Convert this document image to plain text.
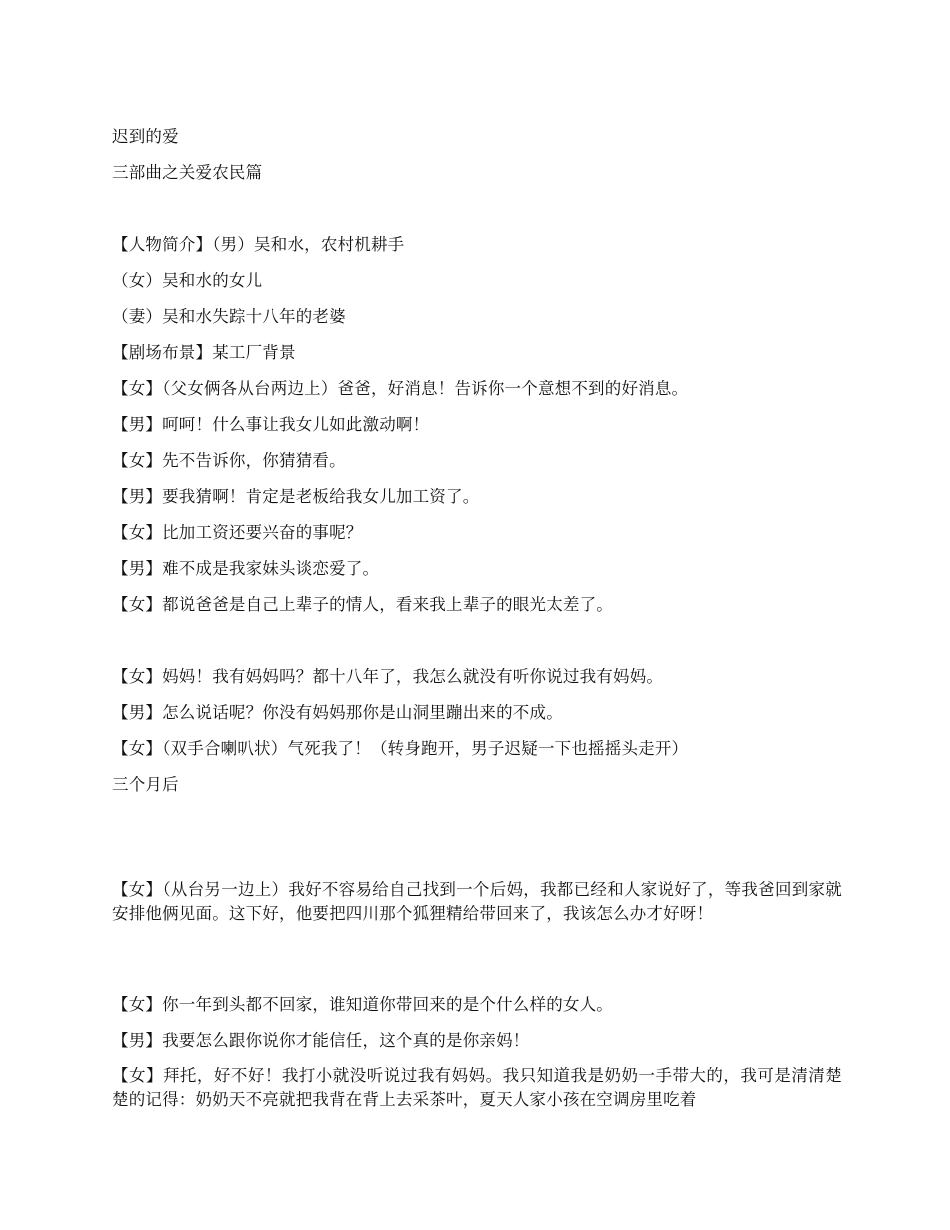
迟到的爱
三部曲之关爱农民篇
【人物简介】（男）吴和水，农村机耕手
（女）吴和水的女儿
（妻）吴和水失踪十八年的老婆
【剧场布景】某工厂背景
【女】（父女俩各从台两边上）爸爸，好消息！告诉你一个意想不到的好消息。
【男】呵呵！什么事让我女儿如此激动啊！
【女】先不告诉你，你猜猜看。
【男】要我猜啊！肯定是老板给我女儿加工资了。
【女】比加工资还要兴奋的事呢？
【男】难不成是我家妹头谈恋爱了。
【女】都说爸爸是自己上辈子的情人，看来我上辈子的眼光太差了。
【女】妈妈！我有妈妈吗？都十八年了，我怎么就没有听你说过我有妈妈。
【男】怎么说话呢？你没有妈妈那你是山洞里蹦出来的不成。
【女】（双手合喇叭状）气死我了！（转身跑开，男子迟疑一下也摇摇头走开）
三个月后
【女】（从台另一边上）我好不容易给自己找到一个后妈，我都已经和人家说好了，等我爸回到家就安排他俩见面。这下好，他要把四川那个狐狸精给带回来了，我该怎么办才好呀！
【女】你一年到头都不回家，谁知道你带回来的是个什么样的女人。
【男】我要怎么跟你说你才能信任，这个真的是你亲妈！
【女】拜托，好不好！我打小就没听说过我有妈妈。我只知道我是奶奶一手带大的，我可是清清楚楚的记得：奶奶天不亮就把我背在背上去采茶叶，夏天人家小孩在空调房里吃着
